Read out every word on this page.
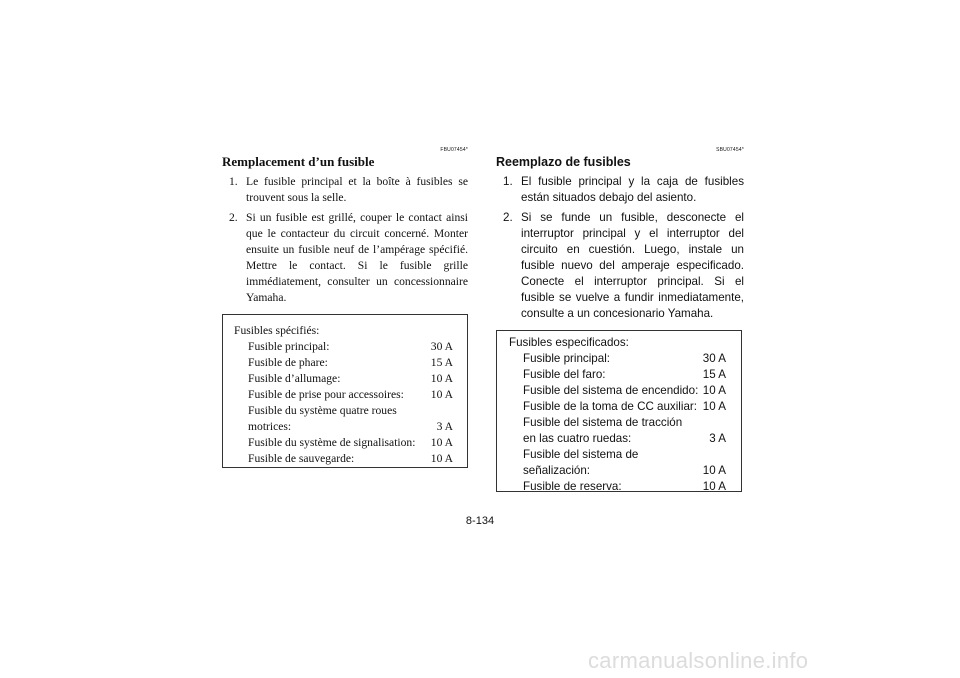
FBU07454*
Remplacement d’un fusible
1. Le fusible principal et la boîte à fusibles se trouvent sous la selle.
2. Si un fusible est grillé, couper le contact ainsi que le contacteur du circuit concerné. Monter ensuite un fusible neuf de l’ampérage spécifié. Mettre le contact. Si le fusible grille immédiatement, consulter un concessionnaire Yamaha.
Fusibles spécifiés:
Fusible principal:	30 A
Fusible de phare:	15 A
Fusible d’allumage:	10 A
Fusible de prise pour accessoires: 10 A
Fusible du système quatre roues motrices:	3 A
Fusible du système de signalisation: 10 A
Fusible de sauvegarde:	10 A
SBU07454*
Reemplazo de fusibles
1. El fusible principal y la caja de fusibles están situados debajo del asiento.
2. Si se funde un fusible, desconecte el interruptor principal y el interruptor del circuito en cuestión. Luego, instale un fusible nuevo del amperaje especificado. Conecte el interruptor principal. Si el fusible se vuelve a fundir inmediatamente, consulte a un concesionario Yamaha.
Fusibles especificados:
Fusible principal:	30 A
Fusible del faro:	15 A
Fusible del sistema de encendido: 10 A
Fusible de la toma de CC auxiliar: 10 A
Fusible del sistema de tracción en las cuatro ruedas:	3 A
Fusible del sistema de señalización:	10 A
Fusible de reserva:	10 A
8-134
carmanualsonline.info
